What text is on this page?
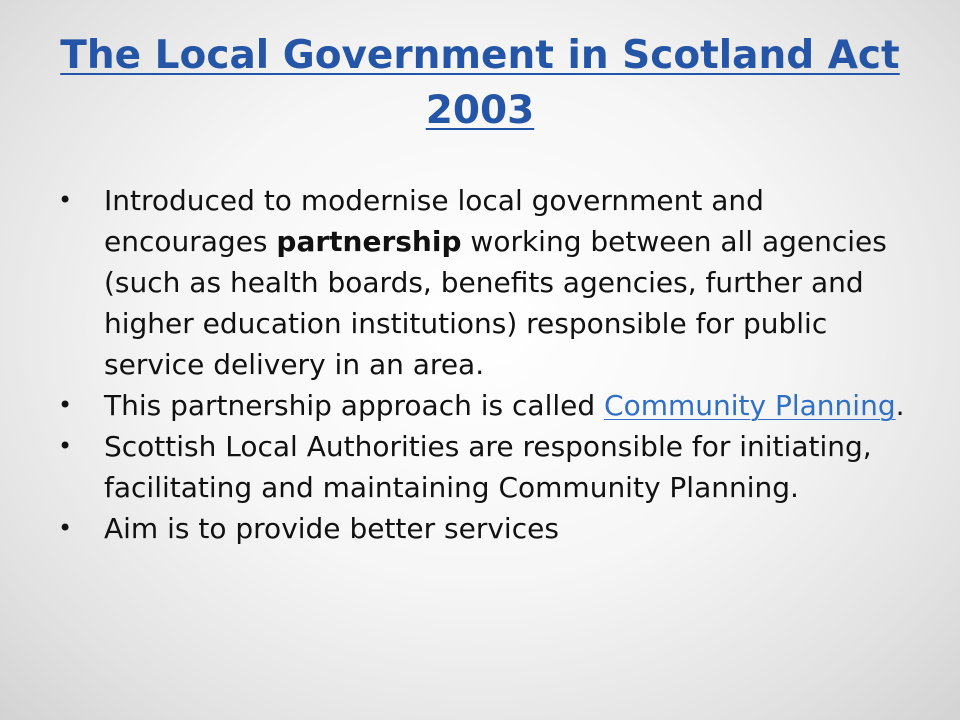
The Local Government in Scotland Act 2003
• Introduced to modernise local government and encourages partnership working between all agencies (such as health boards, benefits agencies, further and higher education institutions) responsible for public service delivery in an area.
• This partnership approach is called Community Planning.
• Scottish Local Authorities are responsible for initiating, facilitating and maintaining Community Planning.
• Aim is to provide better services
